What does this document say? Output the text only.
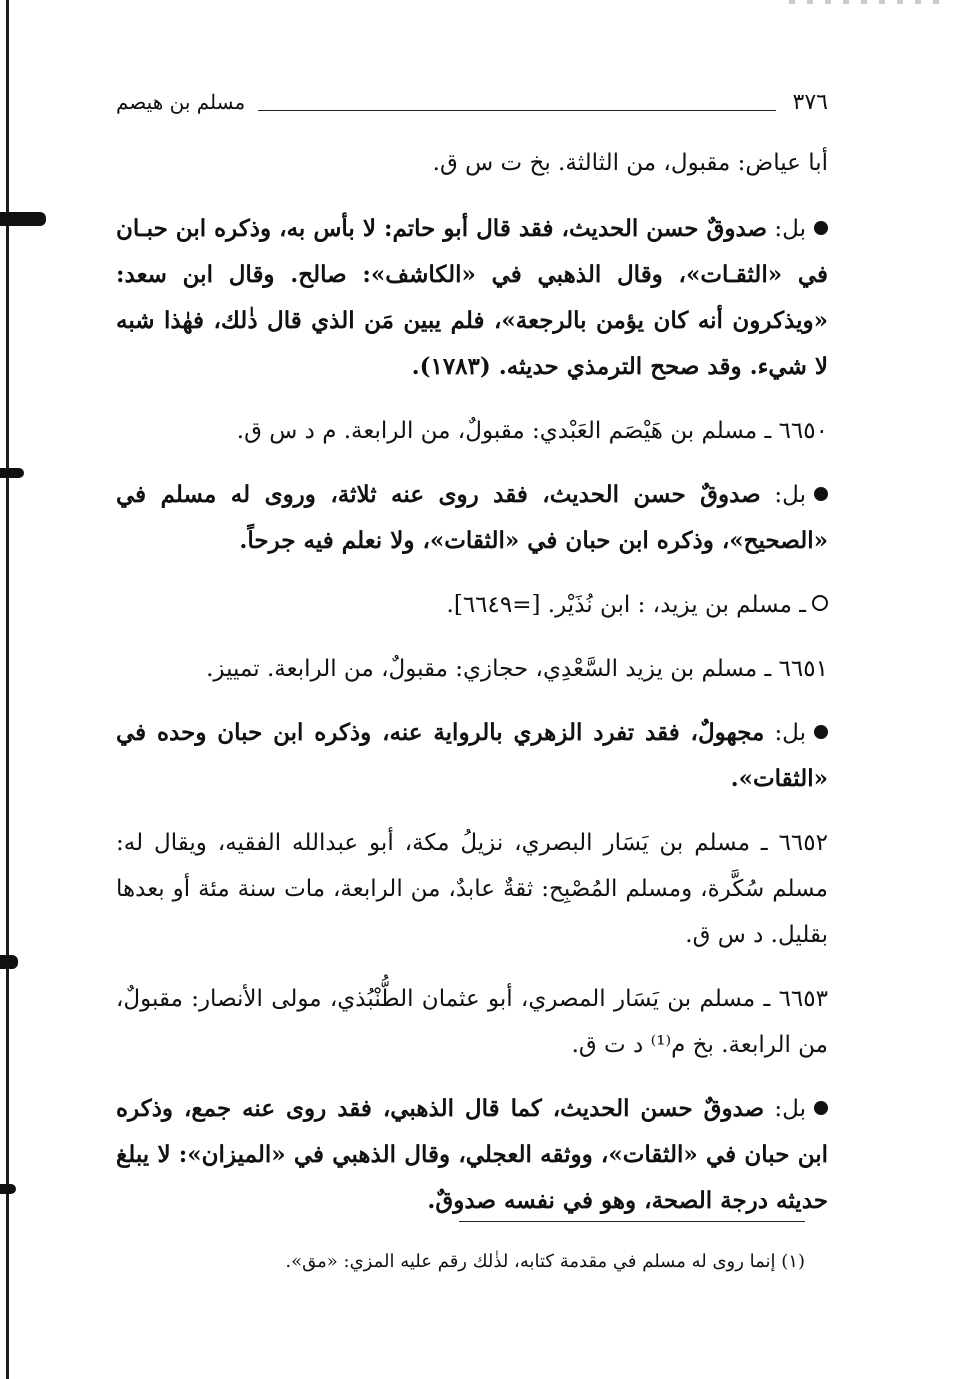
٣٧٦
مسلم بن هيصم

أبا عياض: مقبول، من الثالثة. بخ ت س ق.

بل: صدوقٌ حسن الحديث، فقد قال أبو حاتم: لا بأس به، وذكره ابن حبـان في «الثقـات»، وقال الذهبي في «الكاشف»: صالح. وقال ابن سعد: «ويذكرون أنه كان يؤمن بالرجعة»، فلم يبين مَن الذي قال ذٰلك، فهٰذا شبه لا شيء. وقد صحح الترمذي حديثه. (١٧٨٣).

٦٦٥٠ ـ مسلم بن هَيْصَم العَبْدي: مقبولٌ، من الرابعة. م د س ق.

بل: صدوقٌ حسن الحديث، فقد روى عنه ثلاثة، وروى له مسلم في «الصحيح»، وذكره ابن حبان في «الثقات»، ولا نعلم فيه جرحاً.

ـ مسلم بن يزيد، : ابن نُذَيْر. [=٦٦٤٩].

٦٦٥١ ـ مسلم بن يزيد السَّعْدِي، حجازي: مقبولٌ، من الرابعة. تمييز.

بل: مجهولٌ، فقد تفرد الزهري بالرواية عنه، وذكره ابن حبان وحده في «الثقات».

٦٦٥٢ ـ مسلم بن يَسَار البصري، نزيلُ مكة، أبو عبدالله الفقيه، ويقال له: مسلم سُكَّرة، ومسلم المُصْبِح: ثقةٌ عابدٌ، من الرابعة، مات سنة مئة أو بعدها بقليل. د س ق.

٦٦٥٣ ـ مسلم بن يَسَار المصري، أبو عثمان الطُّنْبُذي، مولى الأنصار: مقبولٌ، من الرابعة. بخ م⁽¹⁾ د ت ق.

بل: صدوقٌ حسن الحديث، كما قال الذهبي، فقد روى عنه جمع، وذكره ابن حبان في «الثقات»، ووثقه العجلي، وقال الذهبي في «الميزان»: لا يبلغ حديثه درجة الصحة، وهو في نفسه صدوقٌ.

(١) إنما روى له مسلم في مقدمة كتابه، لذٰلك رقم عليه المزي: «مق».
